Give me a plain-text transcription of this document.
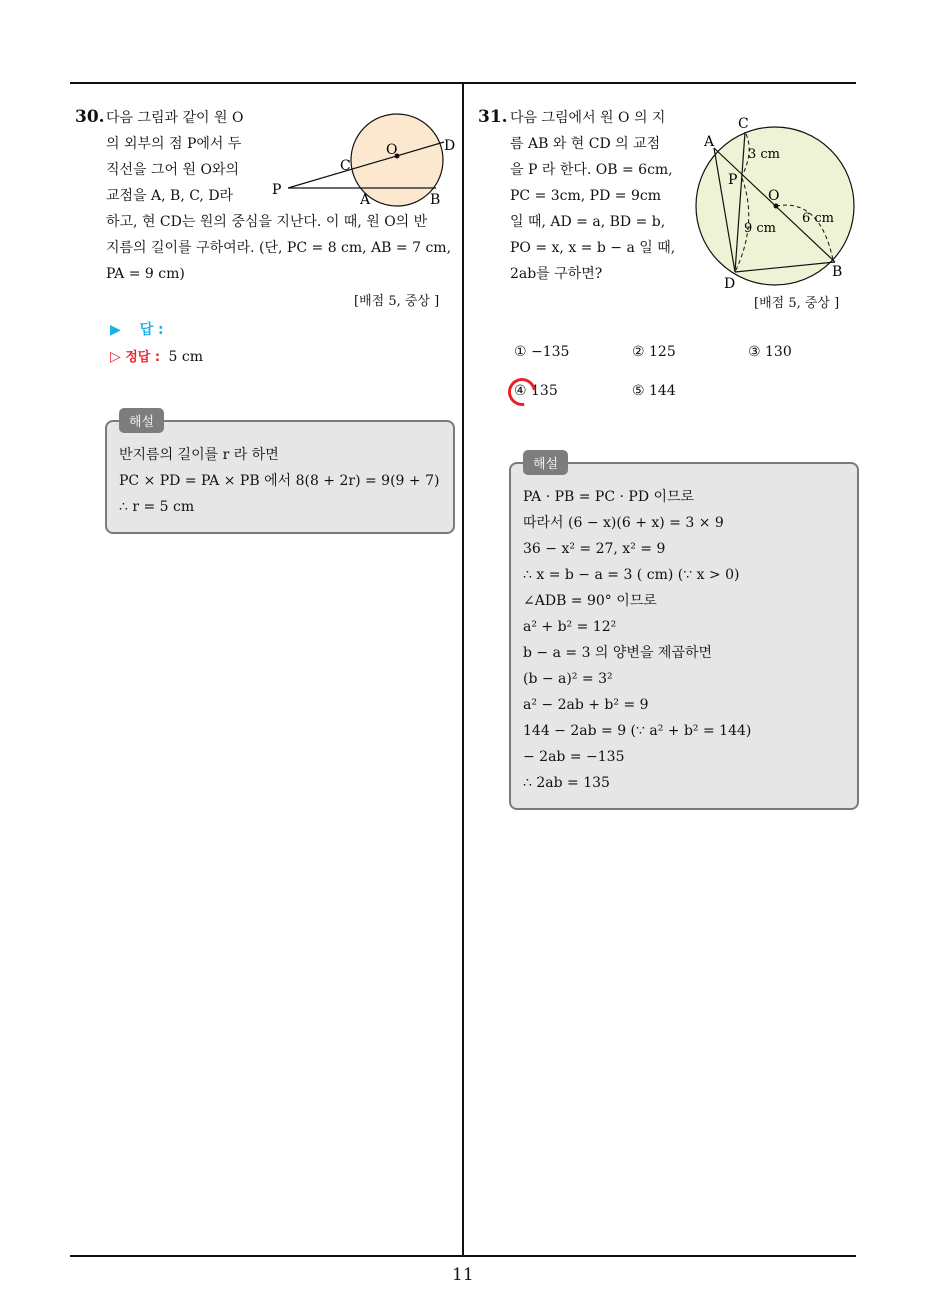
30. 다음 그림과 같이 원 O
의 외부의 점 P에서 두
직선을 그어 원 O와의
교점을 A, B, C, D라
하고, 현 CD는 원의 중심을 지난다. 이 때, 원 O의 반
지름의 길이를 구하여라. (단, PC = 8 cm, AB = 7 cm,
PA = 9 cm)
O
C
D
P
A	B
[배점 5, 중상 ]
▶ 답 :
▷ 정답 : 5 cm
반지름의 길이를 r 라 하면
PC × PD = PA × PB 에서 8(8 + 2r) = 9(9 + 7)
∴ r = 5 cm
해설
31. 다음 그림에서 원 O 의 지
름 AB 와 현 CD 의 교점
을 P 라 한다. OB = 6cm,
PC = 3cm, PD = 9cm
일 때, AD = a, BD = b,
PO = x, x = b − a 일 때,
2ab를 구하면?
A
C
P
O
D
B
3 cm
9 cm
6 cm
[배점 5, 중상 ]
① −135	② 125	③ 130
④ 135	⑤ 144
PA · PB = PC · PD 이므로
따라서 (6 − x)(6 + x) = 3 × 9
36 − x² = 27, x² = 9
∴ x = b − a = 3 ( cm) (∵ x > 0)
∠ADB = 90° 이므로
a² + b² = 12²
b − a = 3 의 양변을 제곱하면
(b − a)² = 3²
a² − 2ab + b² = 9
144 − 2ab = 9 (∵ a² + b² = 144)
− 2ab = −135
∴ 2ab = 135
해설
11
